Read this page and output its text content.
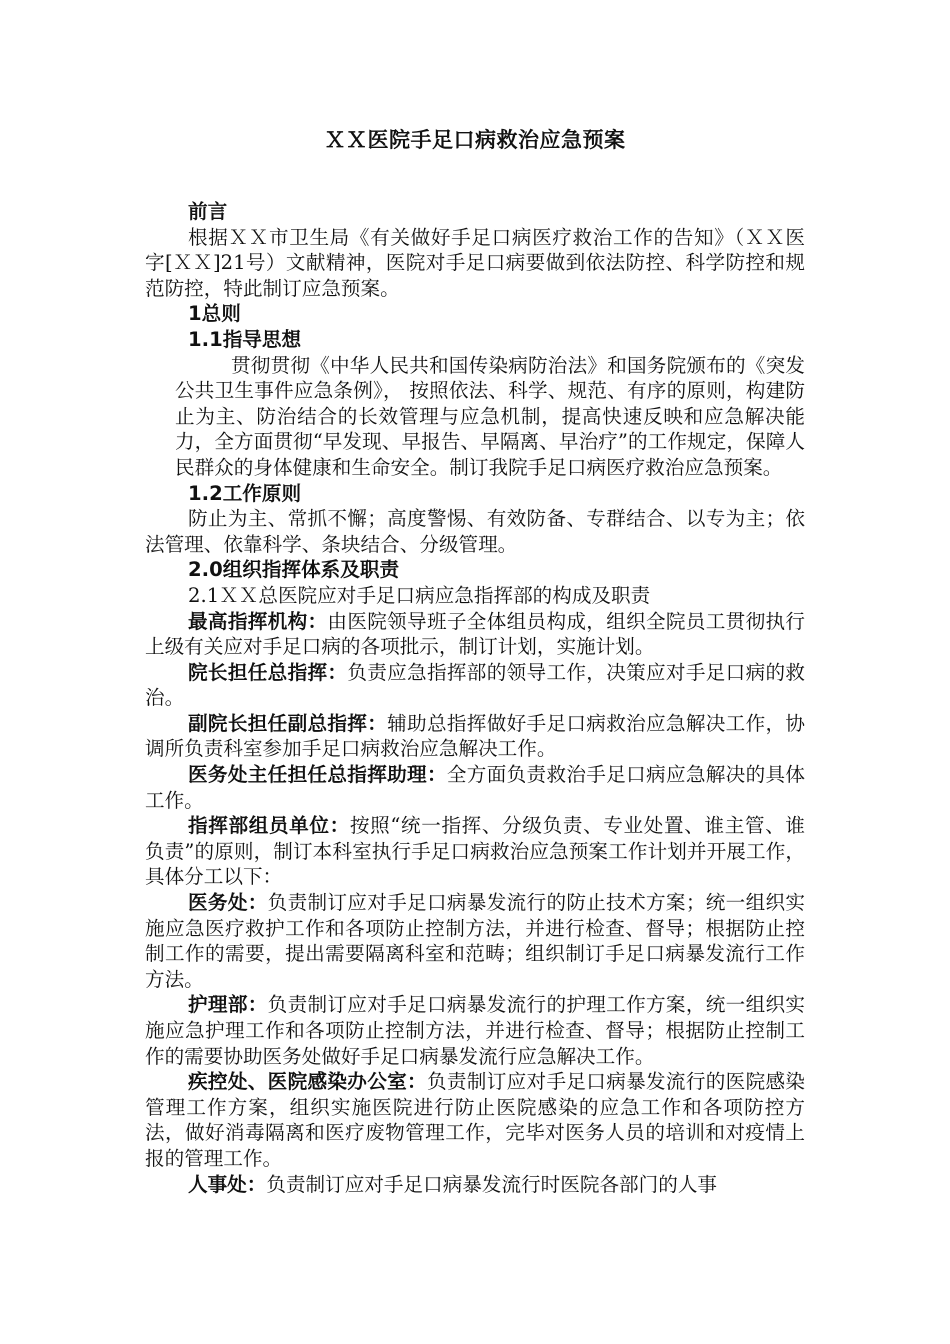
ＸＸ医院手足口病救治应急预案

前言

根据ＸＸ市卫生局《有关做好手足口病医疗救治工作的告知》（ＸＸ医字[ＸＸ]21号）文献精神，医院对手足口病要做到依法防控、科学防控和规范防控，特此制订应急预案。

1总则

1.1指导思想

贯彻贯彻《中华人民共和国传染病防治法》和国务院颁布的《突发公共卫生事件应急条例》， 按照依法、科学、规范、有序的原则，构建防止为主、防治结合的长效管理与应急机制，提高快速反映和应急解决能力，全方面贯彻“早发现、早报告、早隔离、早治疗”的工作规定，保障人民群众的身体健康和生命安全。制订我院手足口病医疗救治应急预案。

1.2工作原则

防止为主、常抓不懈；高度警惕、有效防备、专群结合、以专为主；依法管理、依靠科学、条块结合、分级管理。

2.0组织指挥体系及职责

2.1ＸＸ总医院应对手足口病应急指挥部的构成及职责

最高指挥机构：由医院领导班子全体组员构成，组织全院员工贯彻执行上级有关应对手足口病的各项批示，制订计划，实施计划。

院长担任总指挥：负责应急指挥部的领导工作，决策应对手足口病的救治。

副院长担任副总指挥：辅助总指挥做好手足口病救治应急解决工作，协调所负责科室参加手足口病救治应急解决工作。

医务处主任担任总指挥助理：全方面负责救治手足口病应急解决的具体工作。

指挥部组员单位：按照“统一指挥、分级负责、专业处置、谁主管、谁负责”的原则，制订本科室执行手足口病救治应急预案工作计划并开展工作，具体分工以下：

医务处：负责制订应对手足口病暴发流行的防止技术方案；统一组织实施应急医疗救护工作和各项防止控制方法，并进行检查、督导；根据防止控制工作的需要，提出需要隔离科室和范畴；组织制订手足口病暴发流行工作方法。

护理部：负责制订应对手足口病暴发流行的护理工作方案，统一组织实施应急护理工作和各项防止控制方法，并进行检查、督导；根据防止控制工作的需要协助医务处做好手足口病暴发流行应急解决工作。

疾控处、医院感染办公室：负责制订应对手足口病暴发流行的医院感染管理工作方案，组织实施医院进行防止医院感染的应急工作和各项防控方法，做好消毒隔离和医疗废物管理工作，完毕对医务人员的培训和对疫情上报的管理工作。

人事处：负责制订应对手足口病暴发流行时医院各部门的人事
